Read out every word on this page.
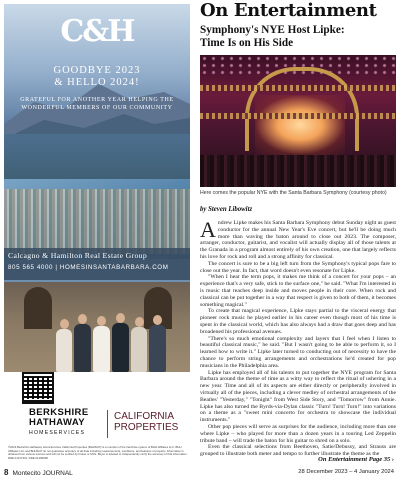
C&H
GOODBYE 2023
& HELLO 2024!
GRATEFUL FOR ANOTHER YEAR HELPING THE
WONDERFUL MEMBERS OF OUR COMMUNITY
Calcagno & Hamilton Real Estate Group
805 565 4000 | HOMESINSANTABARBARA.COM
BERKSHIRE
HATHAWAY
HOMESERVICES
CALIFORNIA
PROPERTIES
©2023 Berkshire Hathaway HomeServices California Properties (BHHSCP) is a member of the franchise system of BHH Affiliates LLC. BHH Affiliates LLC and BHHSCP do not guarantee accuracy of all data including measurements, conditions, and features of property. Information is obtained from various sources and will not be verified by broker or MLS. Buyer is advised to independently verify the accuracy of that information. DRE 01317331. DRE 01499008
On Entertainment
Symphony's NYE Host Lipke:
Time Is on His Side
Here comes the popular NYE with the Santa Barbara Symphony (courtesy photo)
by Steven Libowitz

Andrew Lipke makes his Santa Barbara Symphony debut Sunday night as guest conductor for the annual New Year's Eve concert, but he'll be doing much more than waving the baton around to close out 2023. The composer, arranger, conductor, guitarist, and vocalist will actually display all of those talents at the Granada in a program almost entirely of his own creation, one that largely reflects his love for rock and roll and a strong affinity for classical.

The concert is sure to be a big left turn from the Symphony's typical pops fare to close out the year. In fact, that word doesn't even resonate for Lipke.

"When I hear the term pops, it makes me think of a concert for your pops – an experience that's a very safe, stick to the surface one," he said. "What I'm interested in is music that reaches deep inside and moves people in their core. When rock and classical can be put together in a way that respect is given to both of them, it becomes something magical."

To create that magical experience, Lipke stays partial to the visceral energy that pioneer rock music he played earlier in his career even though most of his time is spent in the classical world, which has also always had a draw that goes deep and has broadened his professional avenues.

"There's so much emotional complexity and layers that I feel when I listen to beautiful classical music," he said. "But I wasn't going to be able to perform it, so I learned how to write it." Lipke later turned to conducting out of necessity to have the chance to perform string arrangements and orchestrations he'd created for pop musicians in the Philadelphia area.

Lipke has employed all of his talents to put together the NYE program for Santa Barbara around the theme of time as a witty way to reflect the ritual of ushering in a new year. Time and all of its aspects are either directly or peripherally involved in virtually all of the pieces, including a clever medley of orchestral arrangements of the Beatles' "Yesterday," "Tonight" from West Side Story, and "Tomorrow" from Annie. Lipke has also turned the Byrds-via-Dylan classic "Turn! Turn! Turn!" into variations on a theme as a "sweet mini concerto for orchestra to showcase the individual instruments."

Other pop pieces will serve as surprises for the audience, including more than one where Lipke – who played for more than a dozen years in a touring Led Zeppelin tribute band – will trade the baton for his guitar to shred on a solo.

Even the classical selections from Beethoven, Satie/Debussy, and Strauss are grouped to illustrate both meter and tempo to further illustrate the theme as the

On Entertainment Page 35 ›
8 Montecito JOURNAL	28 December 2023 – 4 January 2024
